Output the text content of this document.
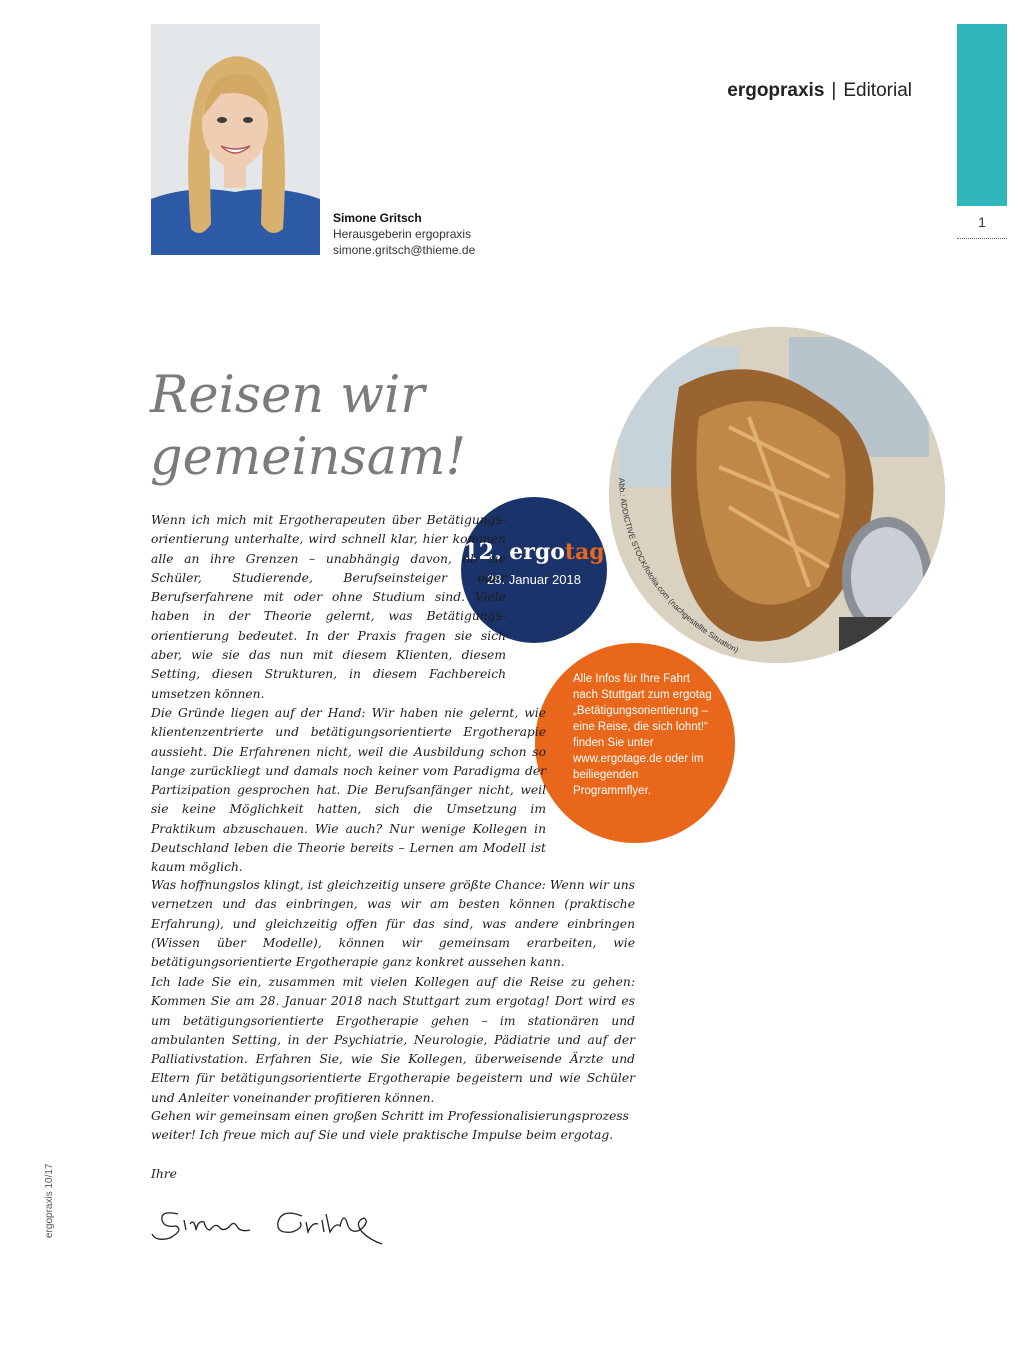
Simone Gritsch
Herausgeberin ergopraxis
simone.gritsch@thieme.de
ergopraxis | Editorial
1
Reisen wir
gemeinsam!	Abb.: ADDICTIVE STOCK/fotolia.com (nachgestellte Situation)
12. ergotag
28. Januar 2018
Alle Infos für Ihre Fahrt nach Stuttgart zum ergotag „Betätigungsorientierung – eine Reise, die sich lohnt!“ finden Sie unter www.ergotage.de oder im beiliegenden Programmflyer.
Wenn ich mich mit Ergotherapeuten über Betätigungsorientierung unterhalte, wird schnell klar, hier kommen alle an ihre Grenzen – unabhängig davon, ob sie Schüler, Studierende, Berufseinsteiger oder Berufserfahrene mit oder ohne Studium sind. Viele haben in der Theorie gelernt, was Betätigungsorientierung bedeutet. In der Praxis fragen sie sich aber, wie sie das nun mit diesem Klienten, diesem Setting, diesen Strukturen, in diesem Fachbereich umsetzen können.
Die Gründe liegen auf der Hand: Wir haben nie gelernt, wie klientenzentrierte und betätigungsorientierte Ergotherapie aussieht. Die Erfahrenen nicht, weil die Ausbildung schon so lange zurückliegt und damals noch keiner vom Paradigma der Partizipation gesprochen hat. Die Berufsanfänger nicht, weil sie keine Möglichkeit hatten, sich die Umsetzung im Praktikum abzuschauen. Wie auch? Nur wenige Kollegen in Deutschland leben die Theorie bereits – Lernen am Modell ist kaum möglich.
Was hoffnungslos klingt, ist gleichzeitig unsere größte Chance: Wenn wir uns vernetzen und das einbringen, was wir am besten können (praktische Erfahrung), und gleichzeitig offen für das sind, was andere einbringen (Wissen über Modelle), können wir gemeinsam erarbeiten, wie betätigungsorientierte Ergotherapie ganz konkret aussehen kann.
Ich lade Sie ein, zusammen mit vielen Kollegen auf die Reise zu gehen: Kommen Sie am 28. Januar 2018 nach Stuttgart zum ergotag! Dort wird es um betätigungsorientierte Ergotherapie gehen – im stationären und ambulanten Setting, in der Psychiatrie, Neurologie, Pädiatrie und auf der Palliativstation. Erfahren Sie, wie Sie Kollegen, überweisende Ärzte und Eltern für betätigungsorientierte Ergotherapie begeistern und wie Schüler und Anleiter voneinander profitieren können.
Gehen wir gemeinsam einen großen Schritt im Professionalisierungsprozess weiter! Ich freue mich auf Sie und viele praktische Impulse beim ergotag.
Ihre
ergopraxis 10/17
